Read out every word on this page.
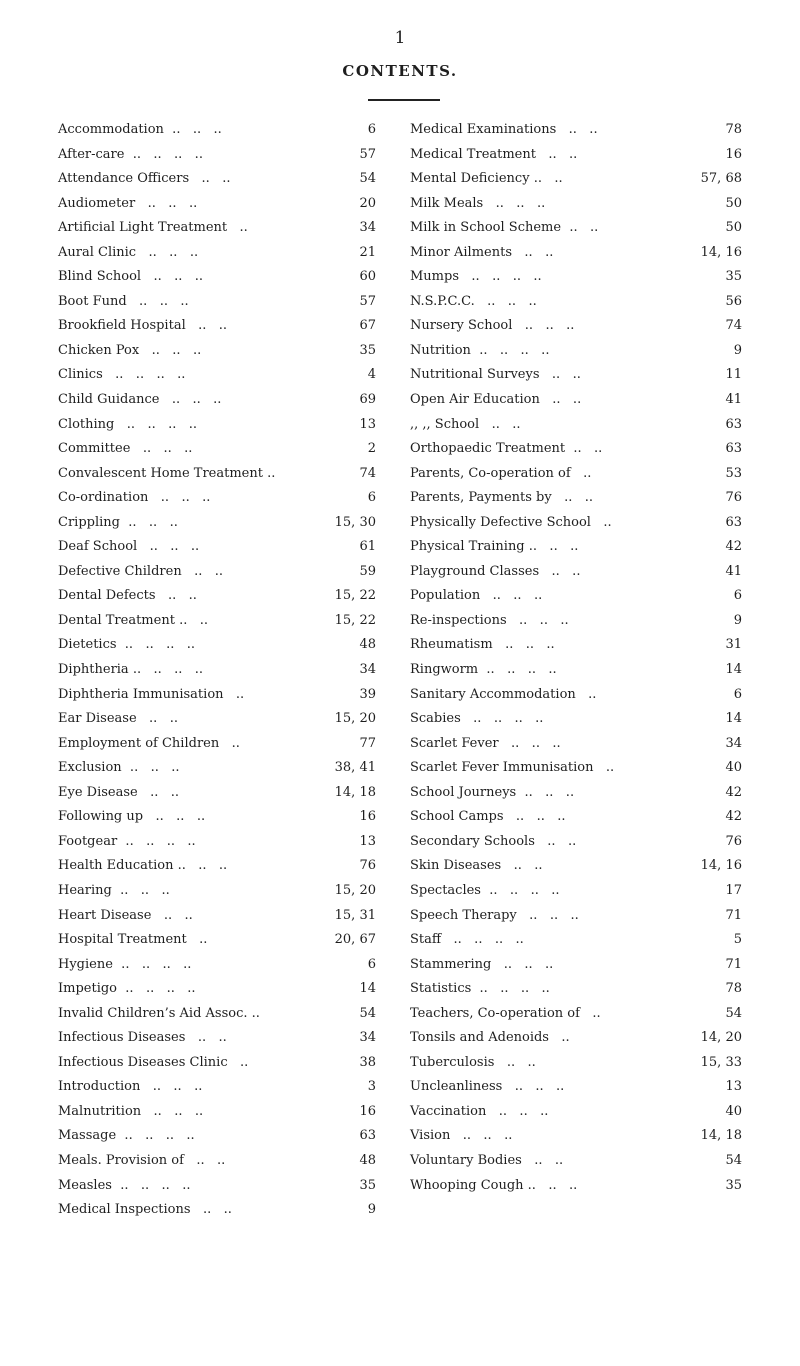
1
CONTENTS.
Accommodation ..   ..   ..	6
After-care ..   ..   ..   ..	57
Attendance Officers ..   ..	54
Audiometer ..   ..   ..	20
Artificial Light Treatment ..	34
Aural Clinic ..   ..   ..	21
Blind School ..   ..   ..	60
Boot Fund ..   ..   ..	57
Brookfield Hospital ..   ..	67
Chicken Pox ..   ..   ..	35
Clinics ..   ..   ..   ..	4
Child Guidance ..   ..   ..	69
Clothing ..   ..   ..   ..	13
Committee ..   ..   ..	2
Convalescent Home Treatment ..	74
Co-ordination ..   ..   ..	6
Crippling ..   ..   ..	15, 30
Deaf School ..   ..   ..	61
Defective Children ..   ..	59
Dental Defects ..   ..	15, 22
Dental Treatment ..   ..	15, 22
Dietetics ..   ..   ..   ..	48
Diphtheria ..   ..   ..   ..	34
Diphtheria Immunisation ..	39
Ear Disease ..   ..	15, 20
Employment of Children ..	77
Exclusion ..   ..   ..	38, 41
Eye Disease ..   ..	14, 18
Following up ..   ..   ..	16
Footgear ..   ..   ..   ..	13
Health Education ..   ..   ..	76
Hearing ..   ..   ..	15, 20
Heart Disease ..   ..	15, 31
Hospital Treatment ..	20, 67
Hygiene ..   ..   ..   ..	6
Impetigo ..   ..   ..   ..	14
Invalid Children’s Aid Assoc. ..	54
Infectious Diseases ..   ..	34
Infectious Diseases Clinic ..	38
Introduction ..   ..   ..	3
Malnutrition ..   ..   ..	16
Massage ..   ..   ..   ..	63
Meals. Provision of ..   ..	48
Measles ..   ..   ..   ..	35
Medical Inspections ..   ..	9
Medical Examinations ..   ..	78
Medical Treatment ..   ..	16
Mental Deficiency ..   ..	57, 68
Milk Meals ..   ..   ..	50
Milk in School Scheme ..   ..	50
Minor Ailments ..   ..	14, 16
Mumps ..   ..   ..   ..	35
N.S.P.C.C. ..   ..   ..	56
Nursery School ..   ..   ..	74
Nutrition ..   ..   ..   ..	9
Nutritional Surveys ..   ..	11
Open Air Education ..   ..	41
,, ,, School ..   ..	63
Orthopaedic Treatment ..   ..	63
Parents, Co-operation of ..	53
Parents, Payments by ..   ..	76
Physically Defective School ..	63
Physical Training ..   ..   ..	42
Playground Classes ..   ..	41
Population ..   ..   ..	6
Re-inspections ..   ..   ..	9
Rheumatism ..   ..   ..	31
Ringworm ..   ..   ..   ..	14
Sanitary Accommodation ..	6
Scabies ..   ..   ..   ..	14
Scarlet Fever ..   ..   ..	34
Scarlet Fever Immunisation ..	40
School Journeys ..   ..   ..	42
School Camps ..   ..   ..	42
Secondary Schools ..   ..	76
Skin Diseases ..   ..	14, 16
Spectacles ..   ..   ..   ..	17
Speech Therapy ..   ..   ..	71
Staff ..   ..   ..   ..	5
Stammering ..   ..   ..	71
Statistics ..   ..   ..   ..	78
Teachers, Co-operation of ..	54
Tonsils and Adenoids ..	14, 20
Tuberculosis ..   ..	15, 33
Uncleanliness ..   ..   ..	13
Vaccination ..   ..   ..	40
Vision ..   ..   ..	14, 18
Voluntary Bodies ..   ..	54
Whooping Cough ..   ..   ..	35
